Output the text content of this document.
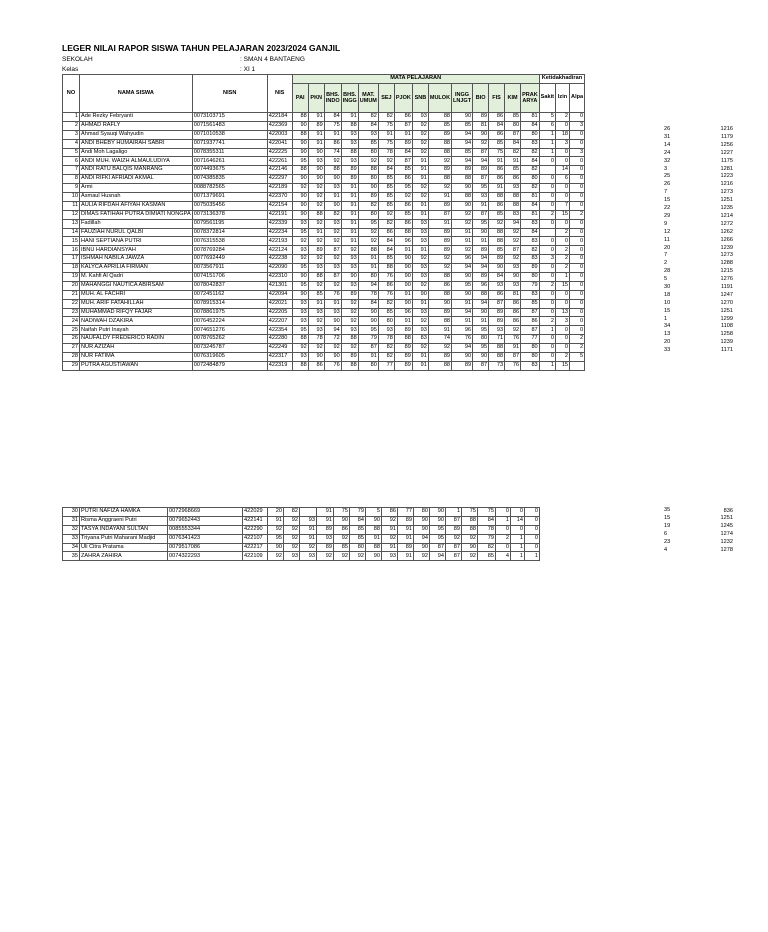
LEGER NILAI RAPOR SISWA TAHUN PELAJARAN 2023/2024 GANJIL
SEKOLAH	: SMAN 4 BANTAENG
Kelas	: XI 1
NO	NAMA SISWA	NISN	NIS	MATA PELAJARAN														Ketidakhadiran		
				PAI	PKN	BHS. INDO	BHS. INGG	MAT. UMUM	SEJ	PJOK	SNB	MULOK	INGG LNJGT	BIO	FIS	KIM	PRAK ARYA			
																		Sakit	Izin	Alpa
1	Ade Rezky Febryanti	0073103715	422184	88	91	84	91	82	82	86	93	88	90	89	86	85	81	5	2	0
2	AHMAD RAFLY	0071561483	422369	90	89	75	88	84	75	87	92	85	85	81	84	80	84	6	0	3
3	Ahmad Syauqi Wahyudin	0071010538	422003	88	91	91	93	93	91	91	92	89	94	90	86	87	80	1	18	0
4	ANDI BHEBY HUMAIRAH SABRI	0071937741	422041	90	91	86	93	85	75	89	92	88	94	92	85	84	83	1	3	0
5	Andi Moh Lagaligo	0078355311	422225	90	90	74	88	80	78	84	92	88	85	87	75	82	82	1	0	3
6	ANDI MUH. WAIZH ALMAULUDIYA	0071646261	422261	95	93	92	93	92	92	87	91	92	94	94	91	91	84	0	0	0
7	ANDI RATU BALQIS MANRANG	0074493675	422146	88	90	88	89	88	84	85	91	89	89	89	86	85	82		14	0
8	ANDI RIFKI AFRIADI AKMAL	0074385835	422297	90	90	90	89	80	85	86	91	88	88	87	86	86	80	0	6	0
9	Armi	0088782565	422189	92	92	93	91	90	85	95	92	92	90	95	91	93	82	0	0	0
10	Asmaul Husnah	0071379691	422370	90	92	91	91	89	85	92	92	91	88	93	88	88	81	0	0	0
11	AULIA RIFDAH AFIYAH KASMAN	0075035456	422154	90	92	90	91	82	85	86	91	89	90	91	86	88	84	0	7	0
12	DIMAS FATIHAH PUTRA DIMIATI NONGPA	0073136378	422191	90	88	82	91	80	92	85	91	87	92	87	85	83	81	2	15	2
13	Fadillah	0079561195	422339	93	92	93	91	95	82	86	93	91	92	95	92	94	83	0	0	0
14	FAUZIAH NURUL QALBI	0078372814	422234	95	91	92	91	92	86	88	93	89	91	90	88	92	84		2	0
15	HANI SEPTIANA PUTRI	0076315538	422193	92	92	92	91	92	84	96	93	89	91	91	88	92	83	0	0	0
16	IBNU HARDIANSYAH	0078769284	422124	93	89	87	92	88	84	91	91	89	92	89	85	87	82	0	2	0
17	ISHMAH NABILA JAWZA	0077692449	422238	92	92	92	93	91	85	90	92	92	96	94	89	92	83	3	2	0
18	KALYCA APRILIA FIRMAN	0073567911	422090	95	93	93	93	91	88	90	93	92	94	94	90	93	89	0	2	0
19	M. Kahfi Al Qadri	0074151706	422310	90	88	87	90	80	76	90	93	88	90	89	84	90	80	0	1	0
20	MAHANGGI NAUTICA ABIRSAM	0078042837	421301	95	92	92	93	94	86	90	92	86	95	96	93	93	79	2	15	0
21	MUH. AL FACHRI	0072451162	422094	90	85	76	89	78	76	91	90	88	90	88	86	81	83	0	0	0
22	MUH. ARIF FATAHILLAH	0078915314	422021	93	91	91	92	84	82	90	91	90	91	94	87	86	85	0	0	0
23	MUHAMMAD RIFQY FAJAR	0078861975	422205	93	93	93	92	90	85	96	93	89	94	90	89	86	87	0	13	0
24	NADIWAH DZAKIRA	0076452224	422207	93	92	90	92	90	80	91	92	88	91	91	89	86	86	2	3	0
25	Naifah Putri Inayah	0074651276	422354	95	93	94	93	95	93	89	93	91	96	95	93	92	87	1	0	0
26	NAUFALDY FREDERICO RADIN	0078765262	422280	88	78	72	88	79	78	88	83	74	76	80	71	76	77	0	0	2
27	NUR AZIZAH	0073245787	422249	92	92	92	92	87	82	89	92	92	94	95	88	91	80	0	0	2
28	NUR FATIMA	0076319605	422317	93	90	90	89	91	82	89	91	89	90	90	88	87	80	0	2	5
29	PUTRA AGUSTIAWAN	0072484879	422319	88	86	76	88	80	77	89	91	88	89	87	73	76	83	1	15	
26	1216
31	1179
14	1256
24	1227
32	1175
3	1281
25	1223
26	1216
7	1273
15	1251
22	1235
29	1214
9	1272
12	1262
11	1266
20	1239
7	1273
2	1288
28	1215
5	1276
30	1191
18	1247
10	1270
15	1251
1	1299
34	1108
13	1258
20	1239
33	1171
30	PUTRI NAFIZA HAMKA	0072968669	422029	20	82		91	75	79	5	86	77	80	90	1	75	75	0	0	0
31	Risma Anggraeni Putri	0079652443	422141	91	92	93	91	90	84	90	92	89	90	90	87	88	84	1	14	0
32	TASYA INDAYANI SULTAN	0085553344	422290	92	92	91	89	86	85	88	91	91	90	95	89	88	78	0	0	0
33	Triyana Putri Maharani Madjid	0076341423	422107	95	92	91	93	92	85	91	92	91	94	95	92	92	79	2	1	0
34	Uli Citra Pratama	0079517086	422217	90	92	92	89	85	80	88	91	89	90	87	87	90	82	0	1	0
35	ZAHRA ZAHIRA	0074322293	422109	92	93	93	92	92	92	90	93	91	92	94	87	92	85	4	1	1
35	836
15	1251
19	1245
6	1274
23	1232
4	1278
